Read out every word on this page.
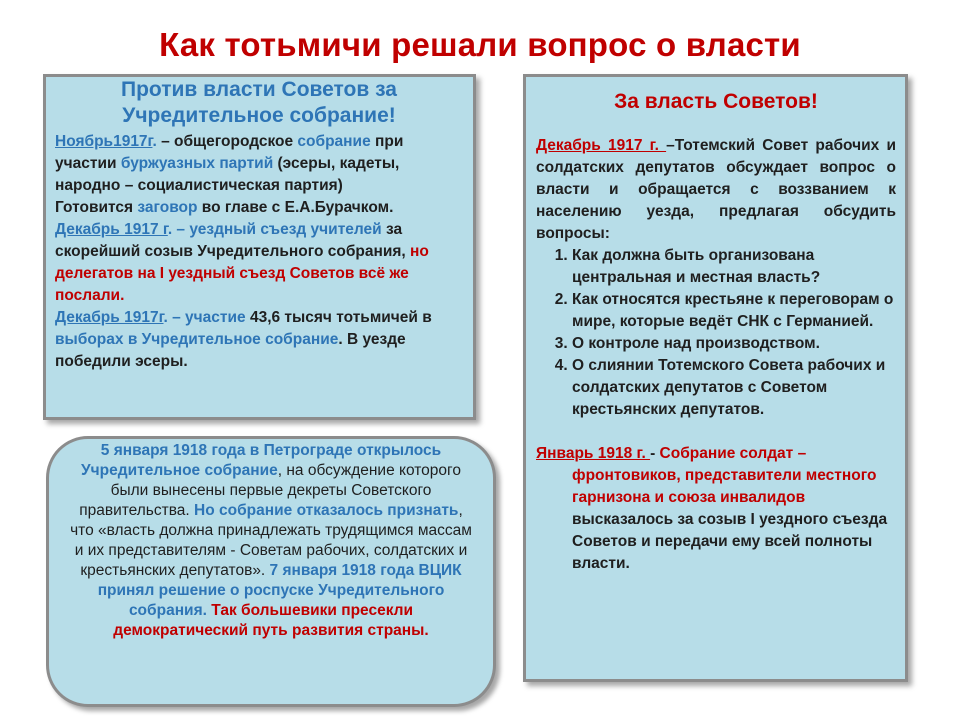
Как тотьмичи решали вопрос о власти
Против власти Советов за
Учредительное собрание!
Ноябрь1917г. – общегородское собрание при участии буржуазных партий (эсеры, кадеты, народно – социалистическая партия)
Готовится заговор во главе с Е.А.Бурачком.
Декабрь 1917 г. – уездный съезд учителей за скорейший созыв Учредительного собрания, но делегатов на I уездный съезд Советов всё же послали.
Декабрь 1917г. – участие 43,6 тысяч тотьмичей в выборах в Учредительное собрание. В уезде победили эсеры.
5 января 1918 года в Петрограде открылось Учредительное собрание, на обсуждение которого были вынесены первые декреты Советского правительства. Но собрание отказалось признать, что «власть должна принадлежать трудящимся массам и их представителям - Советам рабочих, солдатских и крестьянских депутатов». 7 января 1918 года ВЦИК принял решение о роспуске Учредительного собрания. Так большевики пресекли демократический путь развития страны.
За власть Советов!
Декабрь 1917 г. –Тотемский Совет рабочих и солдатских депутатов обсуждает вопрос о власти и обращается с воззванием к населению уезда, предлагая обсудить вопросы:
1. Как должна быть организована центральная и местная власть?
2. Как относятся крестьяне к переговорам о мире, которые ведёт СНК с Германией.
3. О контроле над производством.
4. О слиянии Тотемского Совета рабочих и солдатских депутатов с Советом крестьянских депутатов.
Январь 1918 г. - Собрание солдат –
фронтовиков, представители местного гарнизона и союза инвалидов высказалось за созыв I уездного съезда Советов и передачи ему всей полноты власти.
